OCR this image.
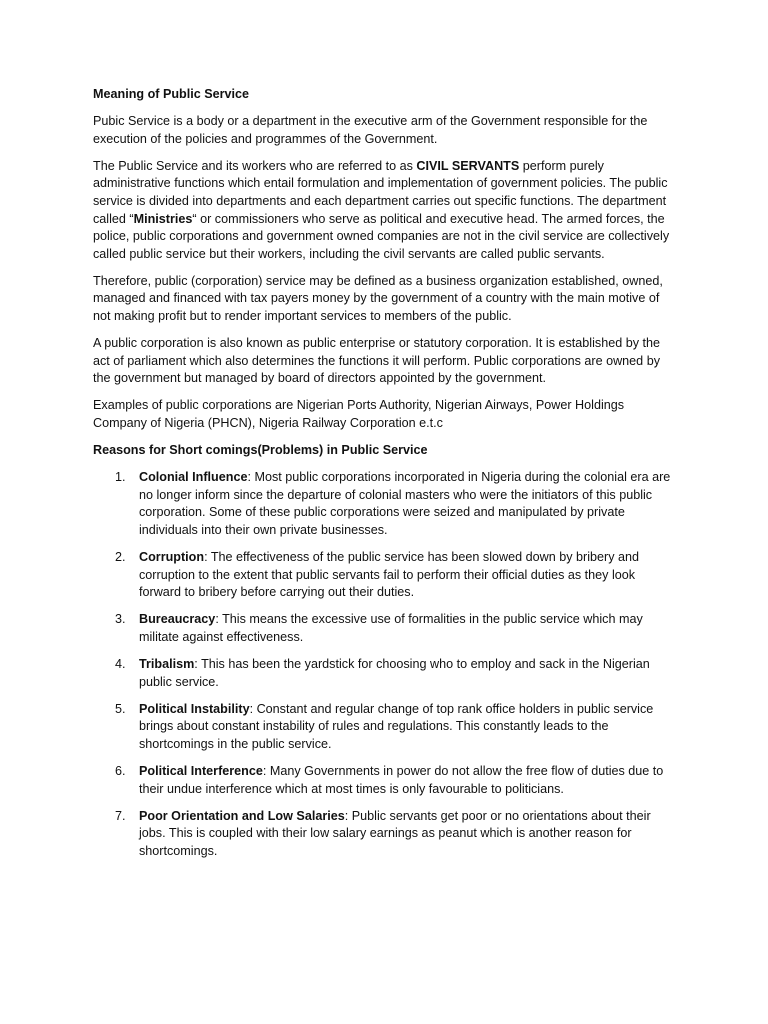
Meaning of Public Service

Pubic Service is a body or a department in the executive arm of the Government responsible for the execution of the policies and programmes of the Government.

The Public Service and its workers who are referred to as CIVIL SERVANTS perform purely administrative functions which entail formulation and implementation of government policies. The public service is divided into departments and each department carries out specific functions. The department called “Ministries“ or commissioners who serve as political and executive head. The armed forces, the police, public corporations and government owned companies are not in the civil service are collectively called public service but their workers, including the civil servants are called public servants.

Therefore, public (corporation) service may be defined as a business organization established, owned, managed and financed with tax payers money by the government of a country with the main motive of not making profit but to render important services to members of the public.

A public corporation is also known as public enterprise or statutory corporation. It is established by the act of parliament which also determines the functions it will perform. Public corporations are owned by the government but managed by board of directors appointed by the government.

Examples of public corporations are Nigerian Ports Authority, Nigerian Airways, Power Holdings Company of Nigeria (PHCN), Nigeria Railway Corporation e.t.c

Reasons for Short comings(Problems) in Public Service

1. Colonial Influence: Most public corporations incorporated in Nigeria during the colonial era are no longer inform since the departure of colonial masters who were the initiators of this public corporation. Some of these public corporations were seized and manipulated by private individuals into their own private businesses.
2. Corruption: The effectiveness of the public service has been slowed down by bribery and corruption to the extent that public servants fail to perform their official duties as they look forward to bribery before carrying out their duties.
3. Bureaucracy: This means the excessive use of formalities in the public service which may militate against effectiveness.
4. Tribalism: This has been the yardstick for choosing who to employ and sack in the Nigerian public service.
5. Political Instability: Constant and regular change of top rank office holders in public service brings about constant instability of rules and regulations. This constantly leads to the shortcomings in the public service.
6. Political Interference: Many Governments in power do not allow the free flow of duties due to their undue interference which at most times is only favourable to politicians.
7. Poor Orientation and Low Salaries: Public servants get poor or no orientations about their jobs. This is coupled with their low salary earnings as peanut which is another reason for shortcomings.
